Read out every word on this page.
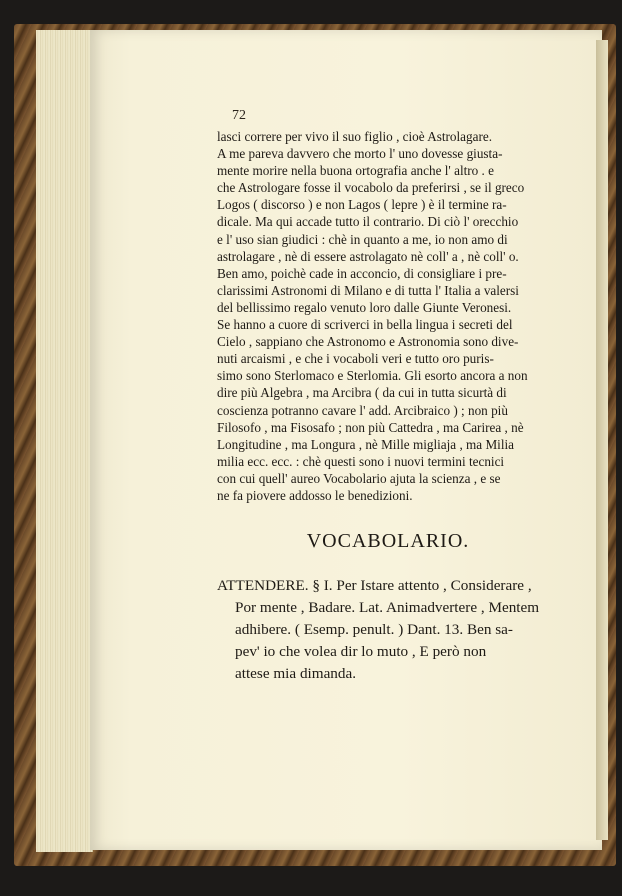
72
lasci correre per vivo il suo figlio , cioè Astrolagare.
A me pareva davvero che morto l' uno dovesse giusta-
mente morire nella buona ortografia anche l' altro . e
che Astrologare fosse il vocabolo da preferirsi , se il greco
Logos ( discorso ) e non Lagos ( lepre ) è il termine ra-
dicale. Ma qui accade tutto il contrario. Di ciò l' orecchio
e l' uso sian giudici : chè in quanto a me, io non amo di
astrolagare , nè di essere astrolagato nè coll' a , nè coll' o.
Ben amo, poichè cade in acconcio, di consigliare i pre-
clarissimi Astronomi di Milano e di tutta l' Italia a valersi
del bellissimo regalo venuto loro dalle Giunte Veronesi.
Se hanno a cuore di scriverci in bella lingua i secreti del
Cielo , sappiano che Astronomo e Astronomia sono dive-
nuti arcaismi , e che i vocaboli veri e tutto oro puris-
simo sono Sterlomaco e Sterlomia. Gli esorto ancora a non
dire più Algebra , ma Arcibra ( da cui in tutta sicurtà di
coscienza potranno cavare l' add. Arcibraico ) ; non più
Filosofo , ma Fisosafo ; non più Cattedra , ma Carirea , nè
Longitudine , ma Longura , nè Mille migliaja , ma Milia
milia ecc. ecc. : chè questi sono i nuovi termini tecnici
con cui quell' aureo Vocabolario ajuta la scienza , e se
ne fa piovere addosso le benedizioni.
VOCABOLARIO.
ATTENDERE. § I. Per Istare attento , Considerare ,
Por mente , Badare. Lat. Animadvertere , Mentem
adhibere. ( Esemp. penult. ) Dant. 13. Ben sa-
pev' io che volea dir lo muto , E però non
attese mia dimanda.
